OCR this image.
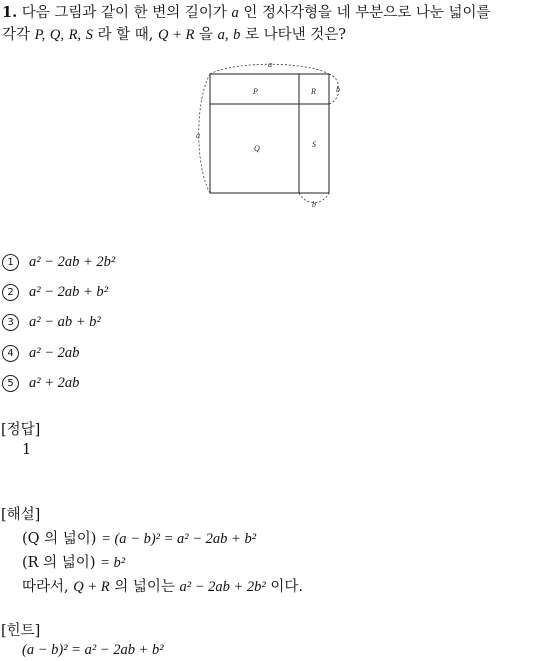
1. 다음 그림과 같이 한 변의 길이가 a 인 정사각형을 네 부분으로 나눈 넓이를
각각 P, Q, R, S 라 할 때, Q + R 을 a, b 로 나타낸 것은?
a
a
b
b
P	R
Q	S
1 a² − 2ab + 2b²
2 a² − 2ab + b²
3 a² − ab + b²
4 a² − 2ab
5 a² + 2ab
[정답]
1
[해설]
(Q 의 넓이) = (a − b)² = a² − 2ab + b²
(R 의 넓이) = b²
따라서, Q + R 의 넓이는 a² − 2ab + 2b² 이다.
[힌트]
(a − b)² = a² − 2ab + b²
